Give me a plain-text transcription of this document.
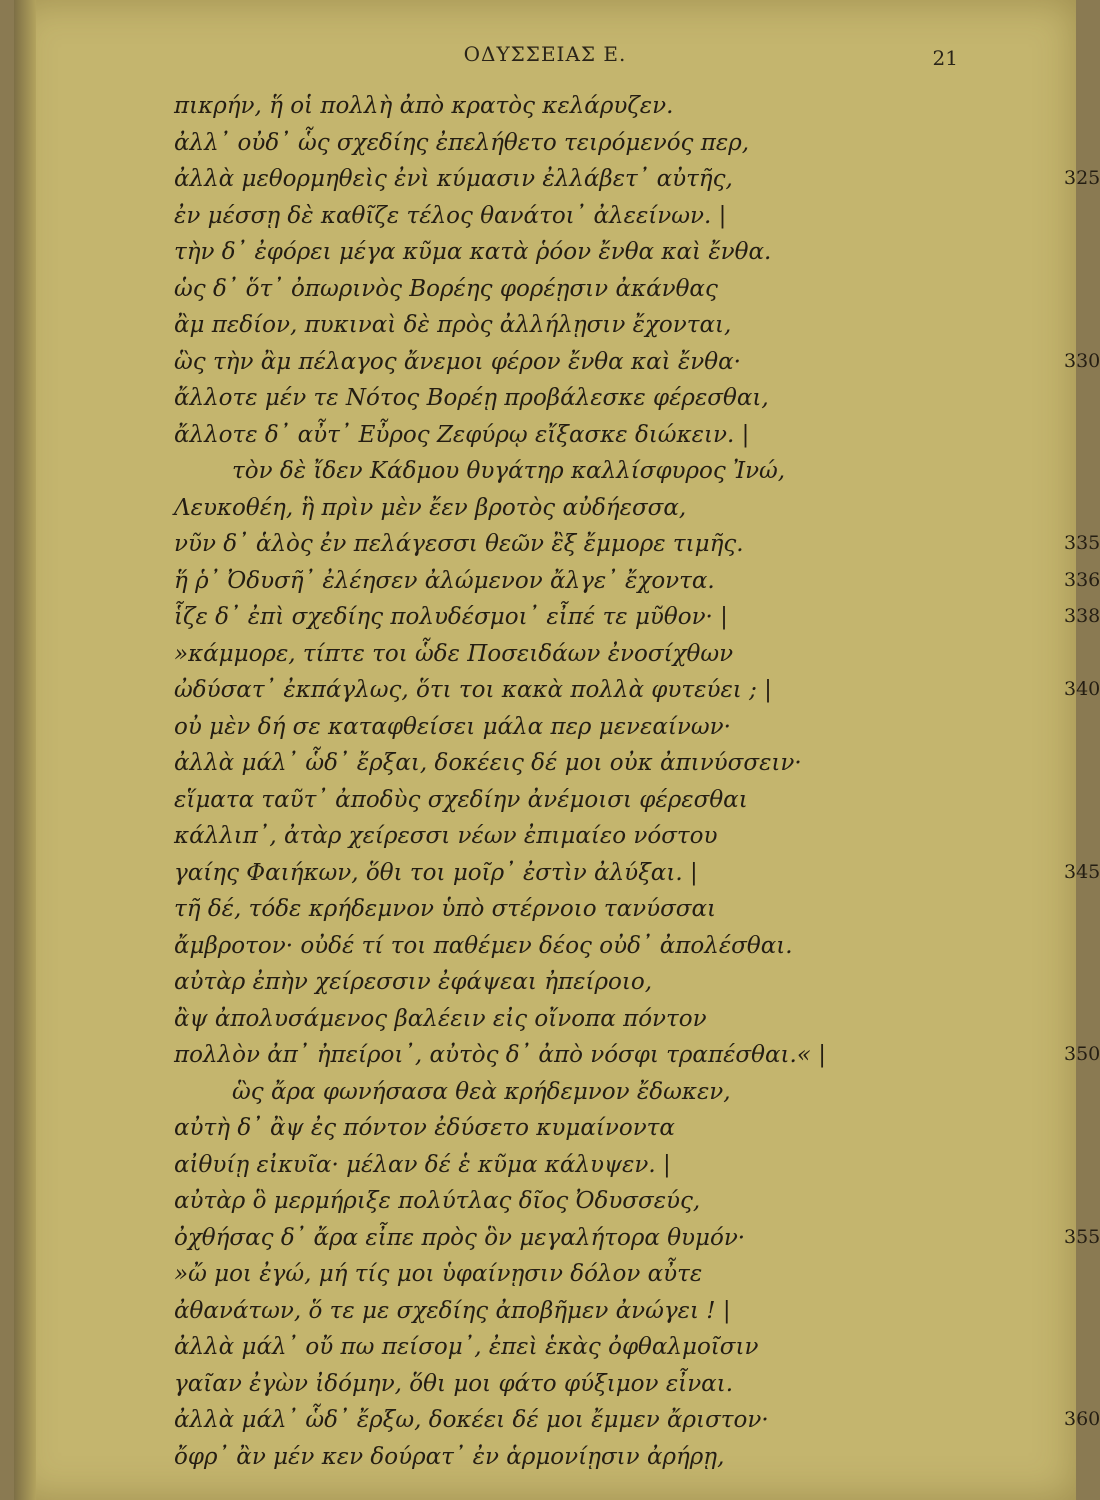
ΟΔΥΣΣΕΙΑΣ Ε.	21
πικρήν, ἥ οἱ πολλὴ ἀπὸ κρατὸς κελάρυζεν.
ἀλλ᾽ οὐδ᾽ ὧς σχεδίης ἐπελήθετο τειρόμενός περ,
ἀλλὰ μεθορμηθεὶς ἐνὶ κύμασιν ἐλλάβετ᾽ αὐτῆς,
ἐν μέσσῃ δὲ καθῖζε τέλος θανάτοι᾽ ἀλεείνων. |
τὴν δ᾽ ἐφόρει μέγα κῦμα κατὰ ῥόον ἔνθα καὶ ἔνθα.
ὡς δ᾽ ὅτ᾽ ὀπωρινὸς Βορέης φορέῃσιν ἀκάνθας
ἂμ πεδίον, πυκιναὶ δὲ πρὸς ἀλλήλῃσιν ἔχονται,
ὣς τὴν ἂμ πέλαγος ἄνεμοι φέρον ἔνθα καὶ ἔνθα·
ἄλλοτε μέν τε Νότος Βορέῃ προβάλεσκε φέρεσθαι,
ἄλλοτε δ᾽ αὖτ᾽ Εὖρος Ζεφύρῳ εἴξασκε διώκειν. |
τὸν δὲ ἴδεν Κάδμου θυγάτηρ καλλίσφυρος Ἰνώ,
Λευκοθέη, ἣ πρὶν μὲν ἔεν βροτὸς αὐδήεσσα,
νῦν δ᾽ ἁλὸς ἐν πελάγεσσι θεῶν ἒξ ἔμμορε τιμῆς.
ἥ ῥ᾽ Ὀδυσῆ᾽ ἐλέησεν ἀλώμενον ἄλγε᾽ ἔχοντα.
ἷζε δ᾽ ἐπὶ σχεδίης πολυδέσμοι᾽ εἶπέ τε μῦθον· |
»κάμμορε, τίπτε τοι ὧδε Ποσειδάων ἐνοσίχθων
ὠδύσατ᾽ ἐκπάγλως, ὅτι τοι κακὰ πολλὰ φυτεύει ; |
οὐ μὲν δή σε καταφθείσει μάλα περ μενεαίνων·
ἀλλὰ μάλ᾽ ὧδ᾽ ἔρξαι, δοκέεις δέ μοι οὐκ ἀπινύσσειν·
εἵματα ταῦτ᾽ ἀποδὺς σχεδίην ἀνέμοισι φέρεσθαι
κάλλιπ᾽, ἀτὰρ χείρεσσι νέων ἐπιμαίεο νόστου
γαίης Φαιήκων, ὅθι τοι μοῖρ᾽ ἐστὶν ἀλύξαι. |
τῆ δέ, τόδε κρήδεμνον ὑπὸ στέρνοιο τανύσσαι
ἄμβροτον· οὐδέ τί τοι παθέμεν δέος οὐδ᾽ ἀπολέσθαι.
αὐτὰρ ἐπὴν χείρεσσιν ἐφάψεαι ἠπείροιο,
ἂψ ἀπολυσάμενος βαλέειν εἰς οἴνοπα πόντον
πολλὸν ἀπ᾽ ἠπείροι᾽, αὐτὸς δ᾽ ἀπὸ νόσφι τραπέσθαι.« |
ὣς ἄρα φωνήσασα θεὰ κρήδεμνον ἔδωκεν,
αὐτὴ δ᾽ ἂψ ἐς πόντον ἐδύσετο κυμαίνοντα
αἰθυίῃ εἰκυῖα· μέλαν δέ ἑ κῦμα κάλυψεν. |
αὐτὰρ ὃ μερμήριξε πολύτλας δῖος Ὀδυσσεύς,
ὀχθήσας δ᾽ ἄρα εἶπε πρὸς ὃν μεγαλήτορα θυμόν·
»ὤ μοι ἐγώ, μή τίς μοι ὑφαίνῃσιν δόλον αὖτε
ἀθανάτων, ὅ τε με σχεδίης ἀποβῆμεν ἀνώγει ! |
ἀλλὰ μάλ᾽ οὔ πω πείσομ᾽, ἐπεὶ ἑκὰς ὀφθαλμοῖσιν
γαῖαν ἐγὼν ἰδόμην, ὅθι μοι φάτο φύξιμον εἶναι.
ἀλλὰ μάλ᾽ ὧδ᾽ ἔρξω, δοκέει δέ μοι ἔμμεν ἄριστον·
ὄφρ᾽ ἂν μέν κεν δούρατ᾽ ἐν ἁρμονίῃσιν ἀρήρῃ,
325
330
335
336
338
340
345
350
355
360
